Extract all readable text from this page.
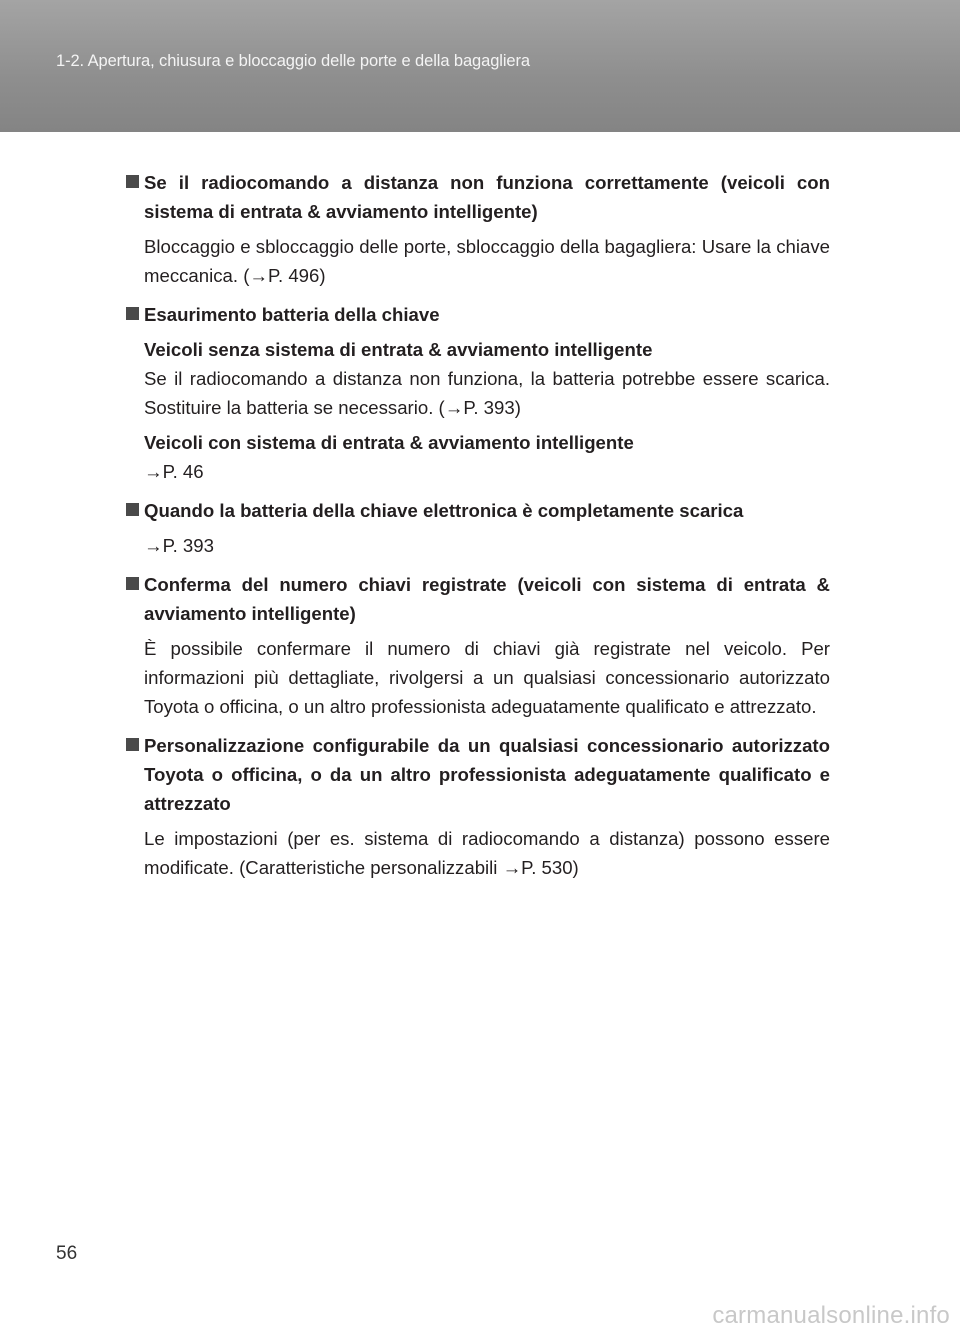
1-2. Apertura, chiusura e bloccaggio delle porte e della bagagliera
Se il radiocomando a distanza non funziona correttamente (veicoli con sistema di entrata & avviamento intelligente)
Bloccaggio e sbloccaggio delle porte, sbloccaggio della bagagliera: Usare la chiave meccanica. (→P. 496)
Esaurimento batteria della chiave
Veicoli senza sistema di entrata & avviamento intelligente
Se il radiocomando a distanza non funziona, la batteria potrebbe essere scarica. Sostituire la batteria se necessario. (→P. 393)
Veicoli con sistema di entrata & avviamento intelligente
→P. 46
Quando la batteria della chiave elettronica è completamente scarica
→P. 393
Conferma del numero chiavi registrate (veicoli con sistema di entrata & avviamento intelligente)
È possibile confermare il numero di chiavi già registrate nel veicolo. Per informazioni più dettagliate, rivolgersi a un qualsiasi concessionario autorizzato Toyota o officina, o un altro professionista adeguatamente qualificato e attrezzato.
Personalizzazione configurabile da un qualsiasi concessionario autorizzato Toyota o officina, o da un altro professionista adeguatamente qualificato e attrezzato
Le impostazioni (per es. sistema di radiocomando a distanza) possono essere modificate. (Caratteristiche personalizzabili →P. 530)
56
carmanualsonline.info
